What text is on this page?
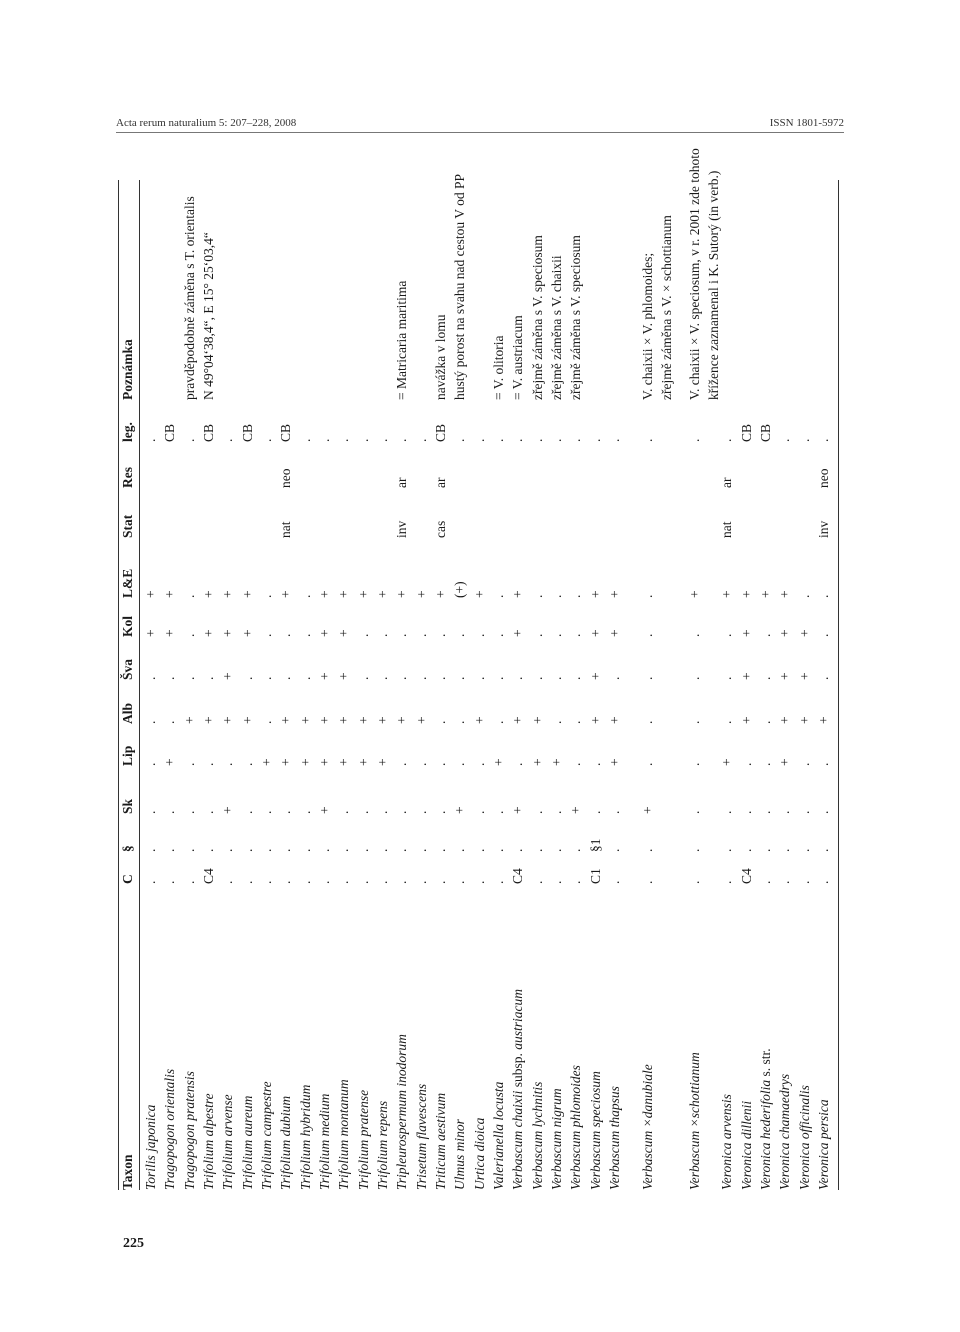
Acta rerum naturalium 5: 207–228, 2008	ISSN 1801-5972
Taxon
C
§
Sk
Lip
Alb
Šva
Kol
L&E
Stat
Res
leg.
Poznámka
Torilis japonica
.
.
.
.
.
.
+
+
.
Tragopogon orientalis
.
.
.
+
.
.
+
+
CB
Tragopogon pratensis
.
.
.
.
+
.
.
.
.
pravděpodobně záměna s T. orientalis
Trifolium alpestre
C4
.
.
.
+
.
+
+
CB
N 49°04‘38,4“, E 15° 25‘03,4“
Trifolium arvense
.
.
+
.
+
+
+
+
.
Trifolium aureum
.
.
.
.
+
.
+
+
CB
Trifolium campestre
.
.
.
+
.
.
.
.
.
Trifolium dubium
.
.
.
+
+
.
.
+
nat
neo
CB
Trifolium hybridum
.
.
.
+
+
.
.
.
.
Trifolium medium
.
.
+
+
+
+
+
+
.
Trifolium montanum
.
.
.
+
+
+
+
+
.
Trifolium pratense
.
.
.
+
+
.
.
+
.
Trifolium repens
.
.
.
+
+
.
.
+
.
Tripleurospermum inodorum
.
.
.
.
+
.
.
+
inv
ar
.
= Matricaria maritima
Trisetum flavescens
.
.
.
.
+
.
.
+
.
Triticum aestivum
.
.
.
.
.
.
.
+
cas
ar
CB
navážka v lomu
Ulmus minor
.
.
+
.
.
.
.
(+)
.
hustý porost na svahu nad cestou V od PP
Urtica dioica
.
.
.
.
+
.
.
+
.
Valerianella locusta
.
.
.
+
.
.
.
.
.
= V. olitoria
Verbascum chaixii subsp. austriacum
C4
.
+
.
+
.
+
+
.
= V. austriacum
Verbascum lychnitis
.
.
.
+
+
.
.
.
.
zřejmě záměna s V. speciosum
Verbascum nigrum
.
.
.
+
.
.
.
.
.
zřejmě záměna s V. chaixii
Verbascum phlomoides
.
.
+
.
.
.
.
.
.
zřejmě záměna s V. speciosum
Verbascum speciosum
C1
§1
.
.
+
+
+
+
.
Verbascum thapsus
.
.
.
+
+
.
+
+
.
Verbascum ×danubiale
.
.
+
.
.
.
.
.
.
V. chaixii × V. phlomoides; zřejmě záměna s V. × schottianum
Verbascum ×schottianum
.
.
.
.
.
.
.
+
.
V. chaixii × V. speciosum, v r. 2001 zde tohoto křížence zaznamenal i K. Sutorý (in verb.)
Veronica arvensis
.
.
.
+
.
.
.
+
nat
ar
.
Veronica dillenii
C4
.
.
.
+
+
+
+
CB
Veronica hederifolia s. str.
.
.
.
.
.
.
.
+
CB
Veronica chamaedrys
.
.
.
+
+
+
+
+
.
Veronica officinalis
.
.
.
.
+
+
+
.
.
Veronica persica
.
.
.
.
+
.
.
.
inv
neo
.
225
